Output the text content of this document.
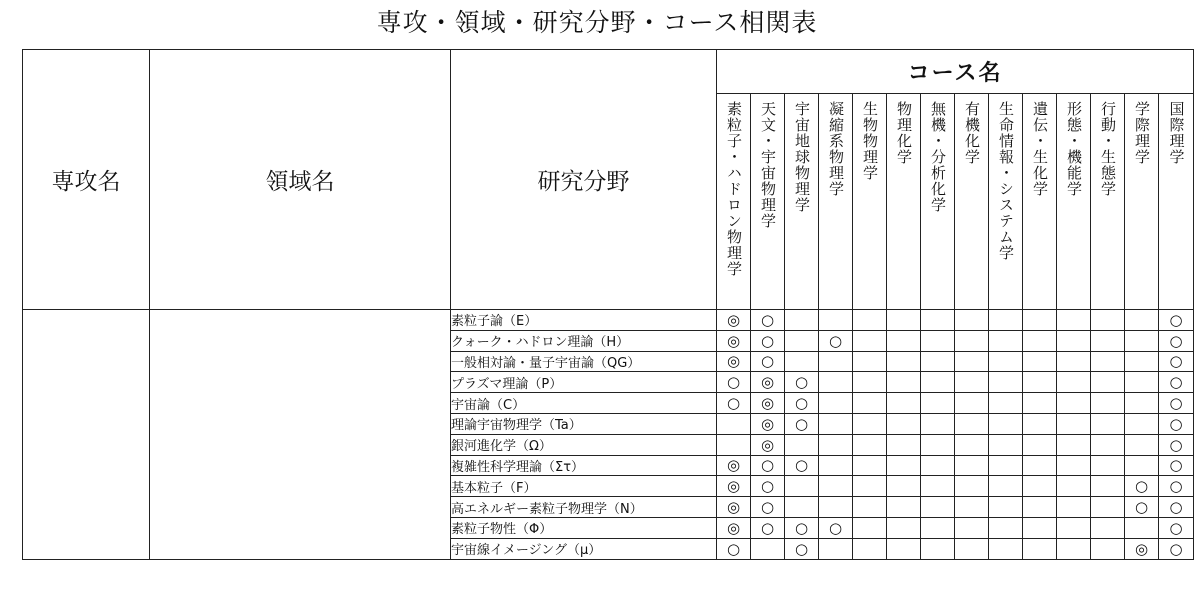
専攻・領域・研究分野・コース相関表
専攻名	領域名	研究分野	コース名													

			素粒子・ハドロン物理学	天文・宇宙物理学	宇宙地球物理学	凝縮系物理学	生物物理学	物理化学	無機・分析化学	有機化学	生命情報・システム学	遺伝・生化学	形態・機能学	行動・生態学	学際理学	国際理学

		素粒子論（E）	◎	○												○
		クォーク・ハドロン理論（H）	◎	○		○										○
		一般相対論・量子宇宙論（QG）	◎	○												○
		プラズマ理論（P）	○	◎	○											○
		宇宙論（C）	○	◎	○											○
		理論宇宙物理学（Ta）		◎	○											○
		銀河進化学（Ω）		◎												○
		複雑性科学理論（Στ）	◎	○	○											○
		基本粒子（F）	◎	○											○	○
		高エネルギー素粒子物理学（N）	◎	○											○	○
		素粒子物性（Φ）	◎	○	○	○										○
		宇宙線イメージング（μ）	○		○										◎	○
